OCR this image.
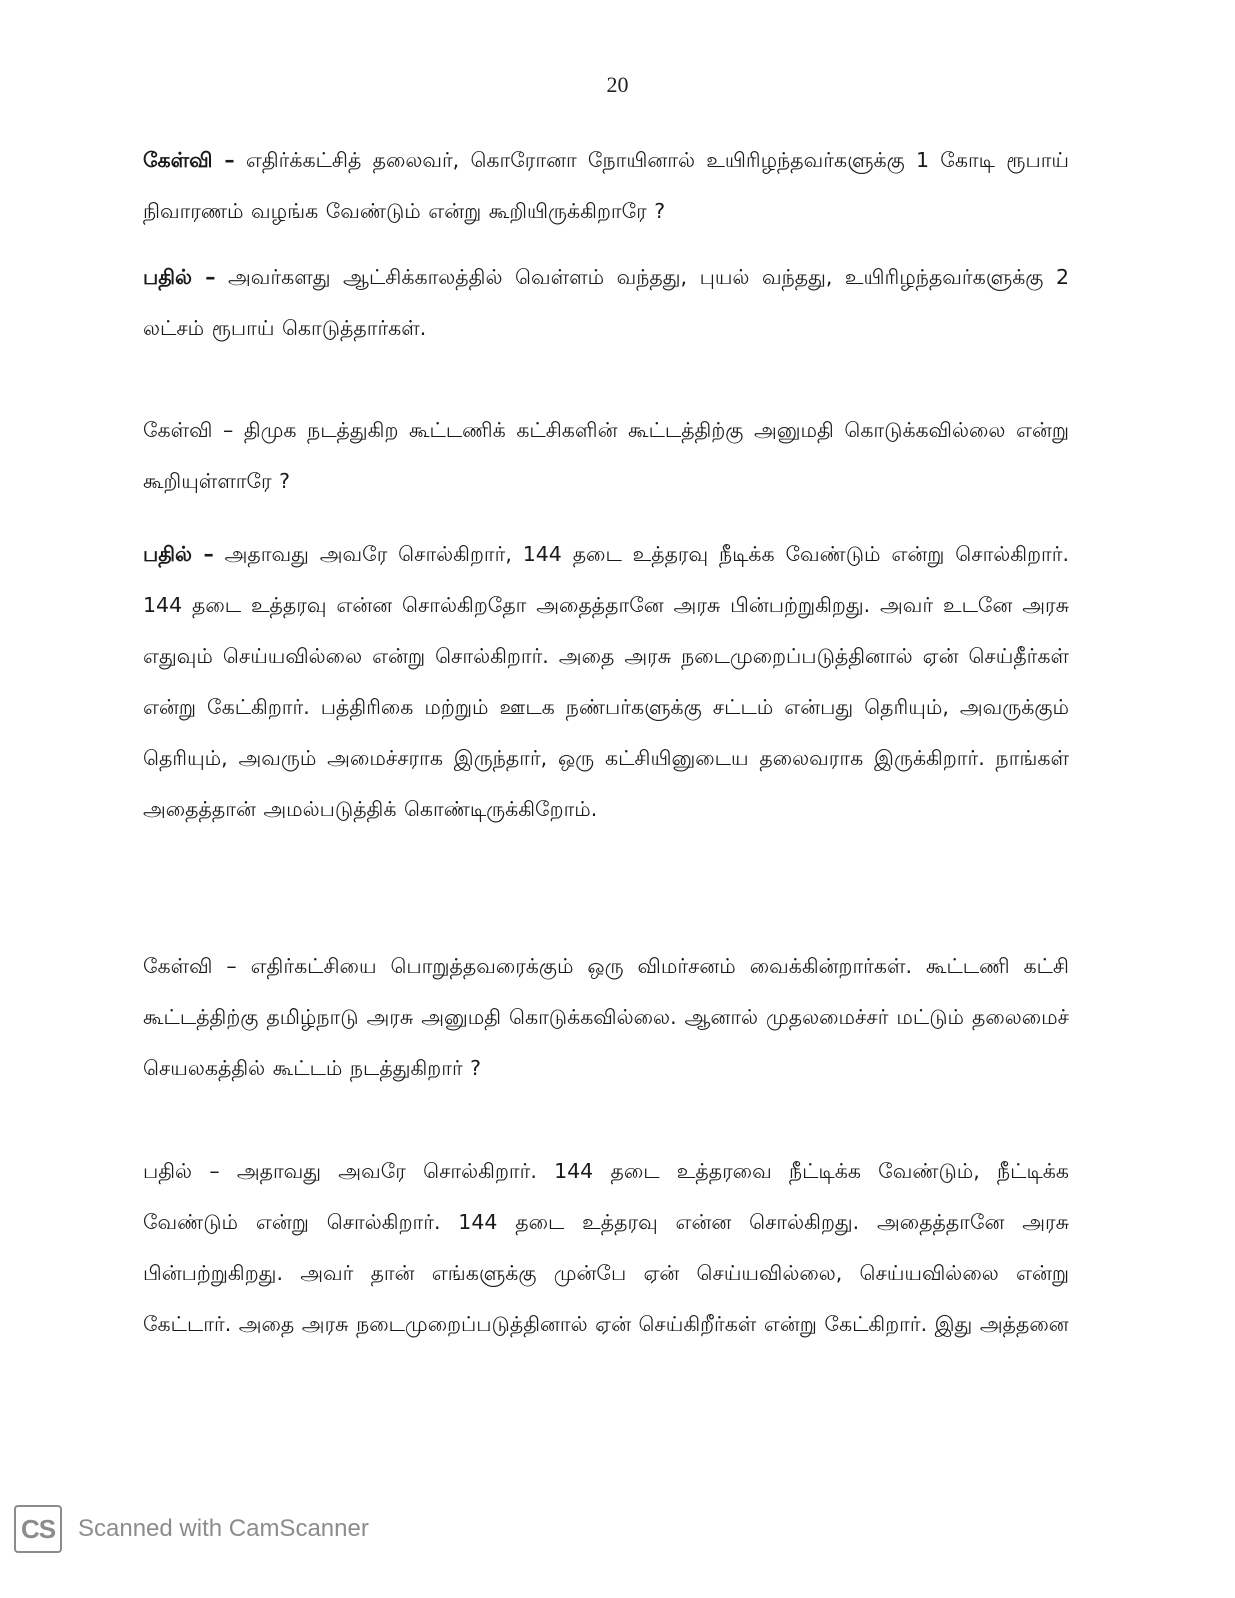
20

கேள்வி – எதிர்க்கட்சித் தலைவர், கொரோனா நோயினால் உயிரிழந்தவர்களுக்கு 1 கோடி ரூபாய் நிவாரணம் வழங்க வேண்டும் என்று கூறியிருக்கிறாரே ?

பதில் – அவர்களது ஆட்சிக்காலத்தில் வெள்ளம் வந்தது, புயல் வந்தது, உயிரிழந்தவர்களுக்கு 2 லட்சம் ரூபாய் கொடுத்தார்கள்.

கேள்வி – திமுக நடத்துகிற கூட்டணிக் கட்சிகளின் கூட்டத்திற்கு அனுமதி கொடுக்கவில்லை என்று கூறியுள்ளாரே ?

பதில் – அதாவது அவரே சொல்கிறார், 144 தடை உத்தரவு நீடிக்க வேண்டும் என்று சொல்கிறார். 144 தடை உத்தரவு என்ன சொல்கிறதோ அதைத்தானே அரசு பின்பற்றுகிறது. அவர் உடனே அரசு எதுவும் செய்யவில்லை என்று சொல்கிறார். அதை அரசு நடைமுறைப்படுத்தினால் ஏன் செய்தீர்கள் என்று கேட்கிறார். பத்திரிகை மற்றும் ஊடக நண்பர்களுக்கு சட்டம் என்பது தெரியும், அவருக்கும் தெரியும், அவரும் அமைச்சராக இருந்தார், ஒரு கட்சியினுடைய தலைவராக இருக்கிறார். நாங்கள் அதைத்தான் அமல்படுத்திக் கொண்டிருக்கிறோம்.

கேள்வி – எதிர்கட்சியை பொறுத்தவரைக்கும் ஒரு விமர்சனம் வைக்கின்றார்கள். கூட்டணி கட்சி கூட்டத்திற்கு தமிழ்நாடு அரசு அனுமதி கொடுக்கவில்லை. ஆனால் முதலமைச்சர் மட்டும் தலைமைச் செயலகத்தில் கூட்டம் நடத்துகிறார் ?

பதில் – அதாவது அவரே சொல்கிறார். 144 தடை உத்தரவை நீட்டிக்க வேண்டும், நீட்டிக்க வேண்டும் என்று சொல்கிறார். 144 தடை உத்தரவு என்ன சொல்கிறது. அதைத்தானே அரசு பின்பற்றுகிறது. அவர் தான் எங்களுக்கு முன்பே ஏன் செய்யவில்லை, செய்யவில்லை என்று கேட்டார். அதை அரசு நடைமுறைப்படுத்தினால் ஏன் செய்கிறீர்கள் என்று கேட்கிறார். இது அத்தனை

CS Scanned with CamScanner
